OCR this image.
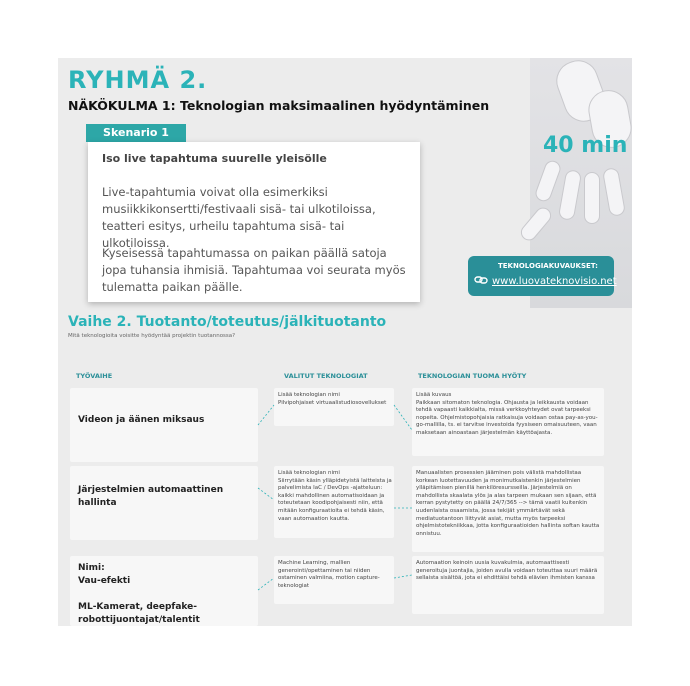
RYHMÄ 2.
NÄKÖKULMA 1: Teknologian maksimaalinen hyödyntäminen
Skenario 1
Iso live tapahtuma suurelle yleisölle
Live-tapahtumia voivat olla esimerkiksi musiikkikonsertti/festivaali sisä- tai ulkotiloissa, teatteri esitys, urheilu tapahtuma sisä- tai ulkotiloissa.
Kyseisessä tapahtumassa on paikan päällä satoja jopa tuhansia ihmisiä. Tapahtumaa voi seurata myös tulematta paikan päälle.
40 min
TEKNOLOGIAKUVAUKSET:
www.luovateknovisio.net
Vaihe 2. Tuotanto/toteutus/jälkituotanto
Mitä teknologioita voisitte hyödyntää projektin tuotannossa?
TYÖVAIHE	VALITUT TEKNOLOGIAT	TEKNOLOGIAN TUOMA HYÖTY
Videon ja äänen miksaus
Lisää teknologian nimi
Pilvipohjaiset virtuaalistudiosovellukset
Lisää kuvaus
Paikkaan sitomaton teknologia. Ohjausta ja leikkausta voidaan tehdä vapaasti kaikkialta, missä verkkoyhteydet ovat tarpeeksi nopeita. Ohjelmistopohjaisia ratkaisuja voidaan ostaa pay-as-you-go-mallilla, ts. ei tarvitse investoida fyysiseen omaisuuteen, vaan maksetaan ainoastaan järjestelmän käyttöajasta.
Järjestelmien automaattinen hallinta
Lisää teknologian nimi
Siirrytään käsin ylläpidetyistä laitteista ja palvelimista IaC / DevOps -ajatteluun: kaikki mahdollinen automatisoidaan ja toteutetaan koodipohjaisesti niin, että mitään konfiguraatioita ei tehdä käsin, vaan automaation kautta.
Manuaalisten prosessien jääminen pois välistä mahdollistaa korkean luotettavuuden ja monimutkaistenkin järjestelmien ylläpitämisen pienillä henkilöresursseilla. Järjestelmiä on mahdollista skaalata ylös ja alas tarpeen mukaan sen sijaan, että kerran pystytetty on päällä 24/7/365 --> tämä vaatii kuitenkin uudenlaista osaamista, jossa tekijät ymmärtävät sekä mediatuotantoon liittyvät asiat, mutta myös tarpeeksi ohjelmistotekniikkaa, jotta konfiguraatioiden hallinta softan kautta onnistuu.
Nimi:
Vau-efekti

ML-Kamerat, deepfake-robottijuontajat/talentit
Machine Learning, mallien generointi/opettaminen tai niiden ostaminen valmiina, motion capture-teknologiat
Automaation keinoin uusia kuvakulmia, automaattisesti generoituja juontajia, joiden avulla voidaan toteuttaa suuri määrä sellaista sisältöä, jota ei ehdittäisi tehdä elävien ihmisten kanssa
